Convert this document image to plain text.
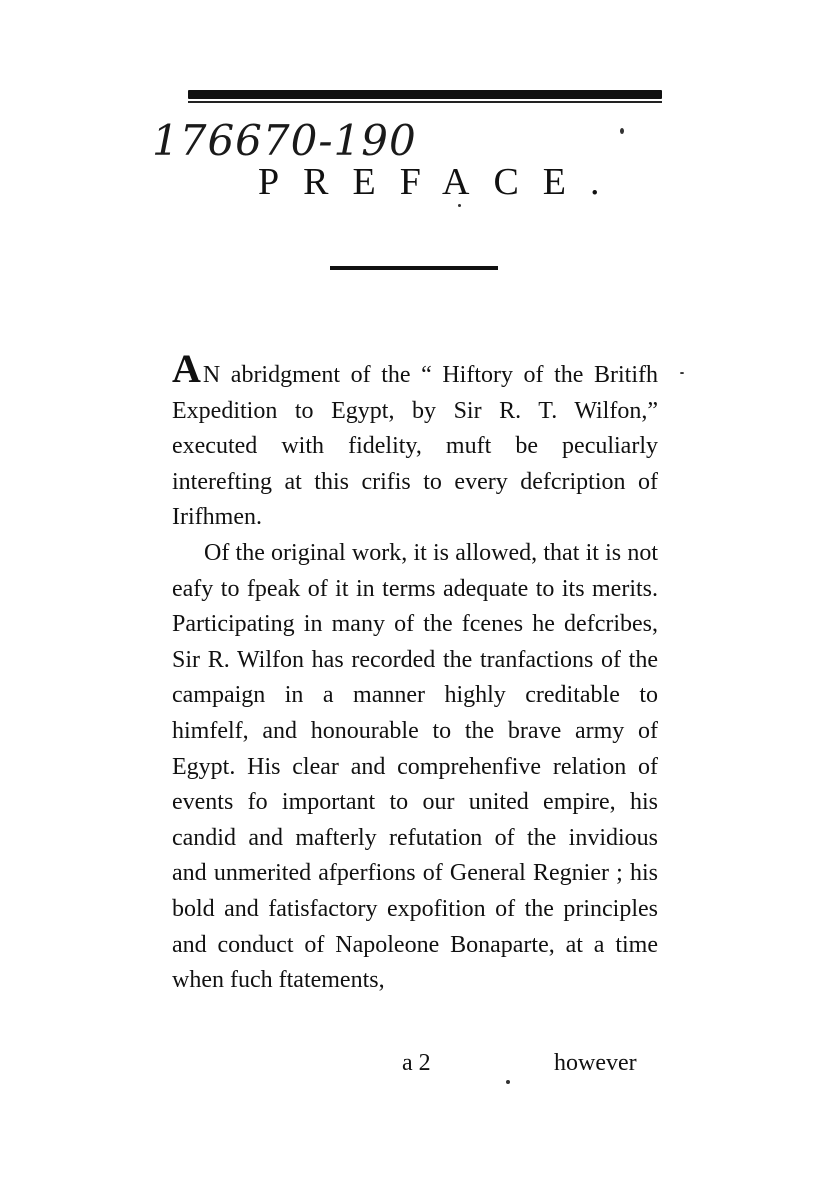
176670-190
PREFACE.

AN abridgment of the “ Hiftory of the Britifh Expedition to Egypt, by Sir R. T. Wilfon,” executed with fidelity, muft be peculiarly interefting at this crifis to every defcription of Irifhmen.

Of the original work, it is allowed, that it is not eafy to fpeak of it in terms adequate to its merits. Participating in many of the fcenes he defcribes, Sir R. Wilfon has recorded the tranfactions of the campaign in a manner highly creditable to himfelf, and honourable to the brave army of Egypt. His clear and comprehenfive relation of events fo important to our united empire, his candid and mafterly refutation of the invidious and unmerited afperfions of General Regnier ; his bold and fatisfactory expofition of the principles and conduct of Napoleone Bonaparte, at a time when fuch ftatements,

a 2	however
